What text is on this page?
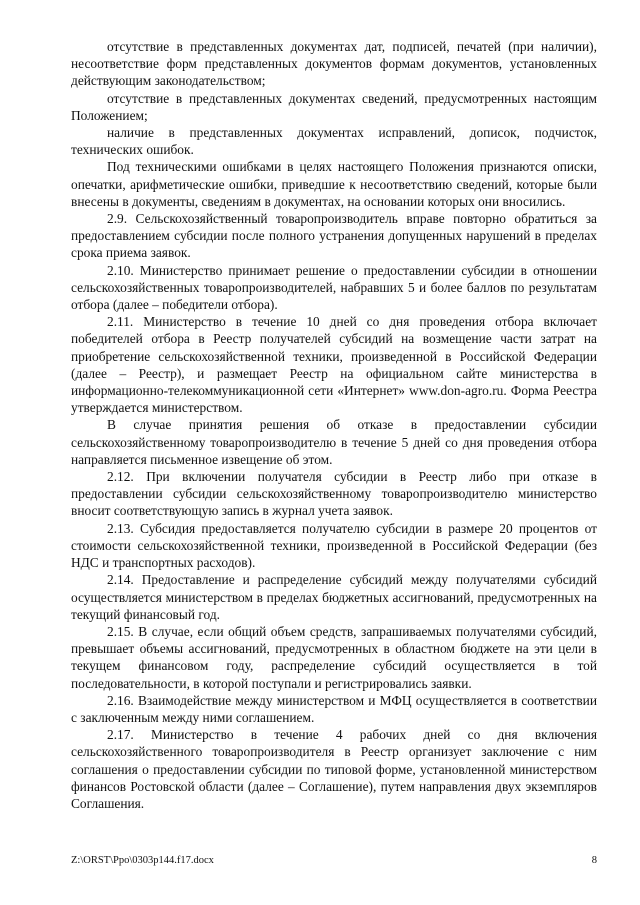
отсутствие в представленных документах дат, подписей, печатей (при наличии), несоответствие форм представленных документов формам документов, установленных действующим законодательством;

отсутствие в представленных документах сведений, предусмотренных настоящим Положением;

наличие в представленных документах исправлений, дописок, подчисток, технических ошибок.

Под техническими ошибками в целях настоящего Положения признаются описки, опечатки, арифметические ошибки, приведшие к несоответствию сведений, которые были внесены в документы, сведениям в документах, на основании которых они вносились.

2.9. Сельскохозяйственный товаропроизводитель вправе повторно обратиться за предоставлением субсидии после полного устранения допущенных нарушений в пределах срока приема заявок.

2.10. Министерство принимает решение о предоставлении субсидии в отношении сельскохозяйственных товаропроизводителей, набравших 5 и более баллов по результатам отбора (далее – победители отбора).

2.11. Министерство в течение 10 дней со дня проведения отбора включает победителей отбора в Реестр получателей субсидий на возмещение части затрат на приобретение сельскохозяйственной техники, произведенной в Российской Федерации (далее – Реестр), и размещает Реестр на официальном сайте министерства в информационно-телекоммуникационной сети «Интернет» www.don-agro.ru. Форма Реестра утверждается министерством.

В случае принятия решения об отказе в предоставлении субсидии сельскохозяйственному товаропроизводителю в течение 5 дней со дня проведения отбора направляется письменное извещение об этом.

2.12. При включении получателя субсидии в Реестр либо при отказе в предоставлении субсидии сельскохозяйственному товаропроизводителю министерство вносит соответствующую запись в журнал учета заявок.

2.13. Субсидия предоставляется получателю субсидии в размере 20 процентов от стоимости сельскохозяйственной техники, произведенной в Российской Федерации (без НДС и транспортных расходов).

2.14. Предоставление и распределение субсидий между получателями субсидий осуществляется министерством в пределах бюджетных ассигнований, предусмотренных на текущий финансовый год.

2.15. В случае, если общий объем средств, запрашиваемых получателями субсидий, превышает объемы ассигнований, предусмотренных в областном бюджете на эти цели в текущем финансовом году, распределение субсидий осуществляется в той последовательности, в которой поступали и регистрировались заявки.

2.16. Взаимодействие между министерством и МФЦ осуществляется в соответствии с заключенным между ними соглашением.

2.17. Министерство в течение 4 рабочих дней со дня включения сельскохозяйственного товаропроизводителя в Реестр организует заключение с ним соглашения о предоставлении субсидии по типовой форме, установленной министерством финансов Ростовской области (далее – Соглашение), путем направления двух экземпляров Соглашения.

Z:\ORST\Ppo\0303p144.f17.docx	8
